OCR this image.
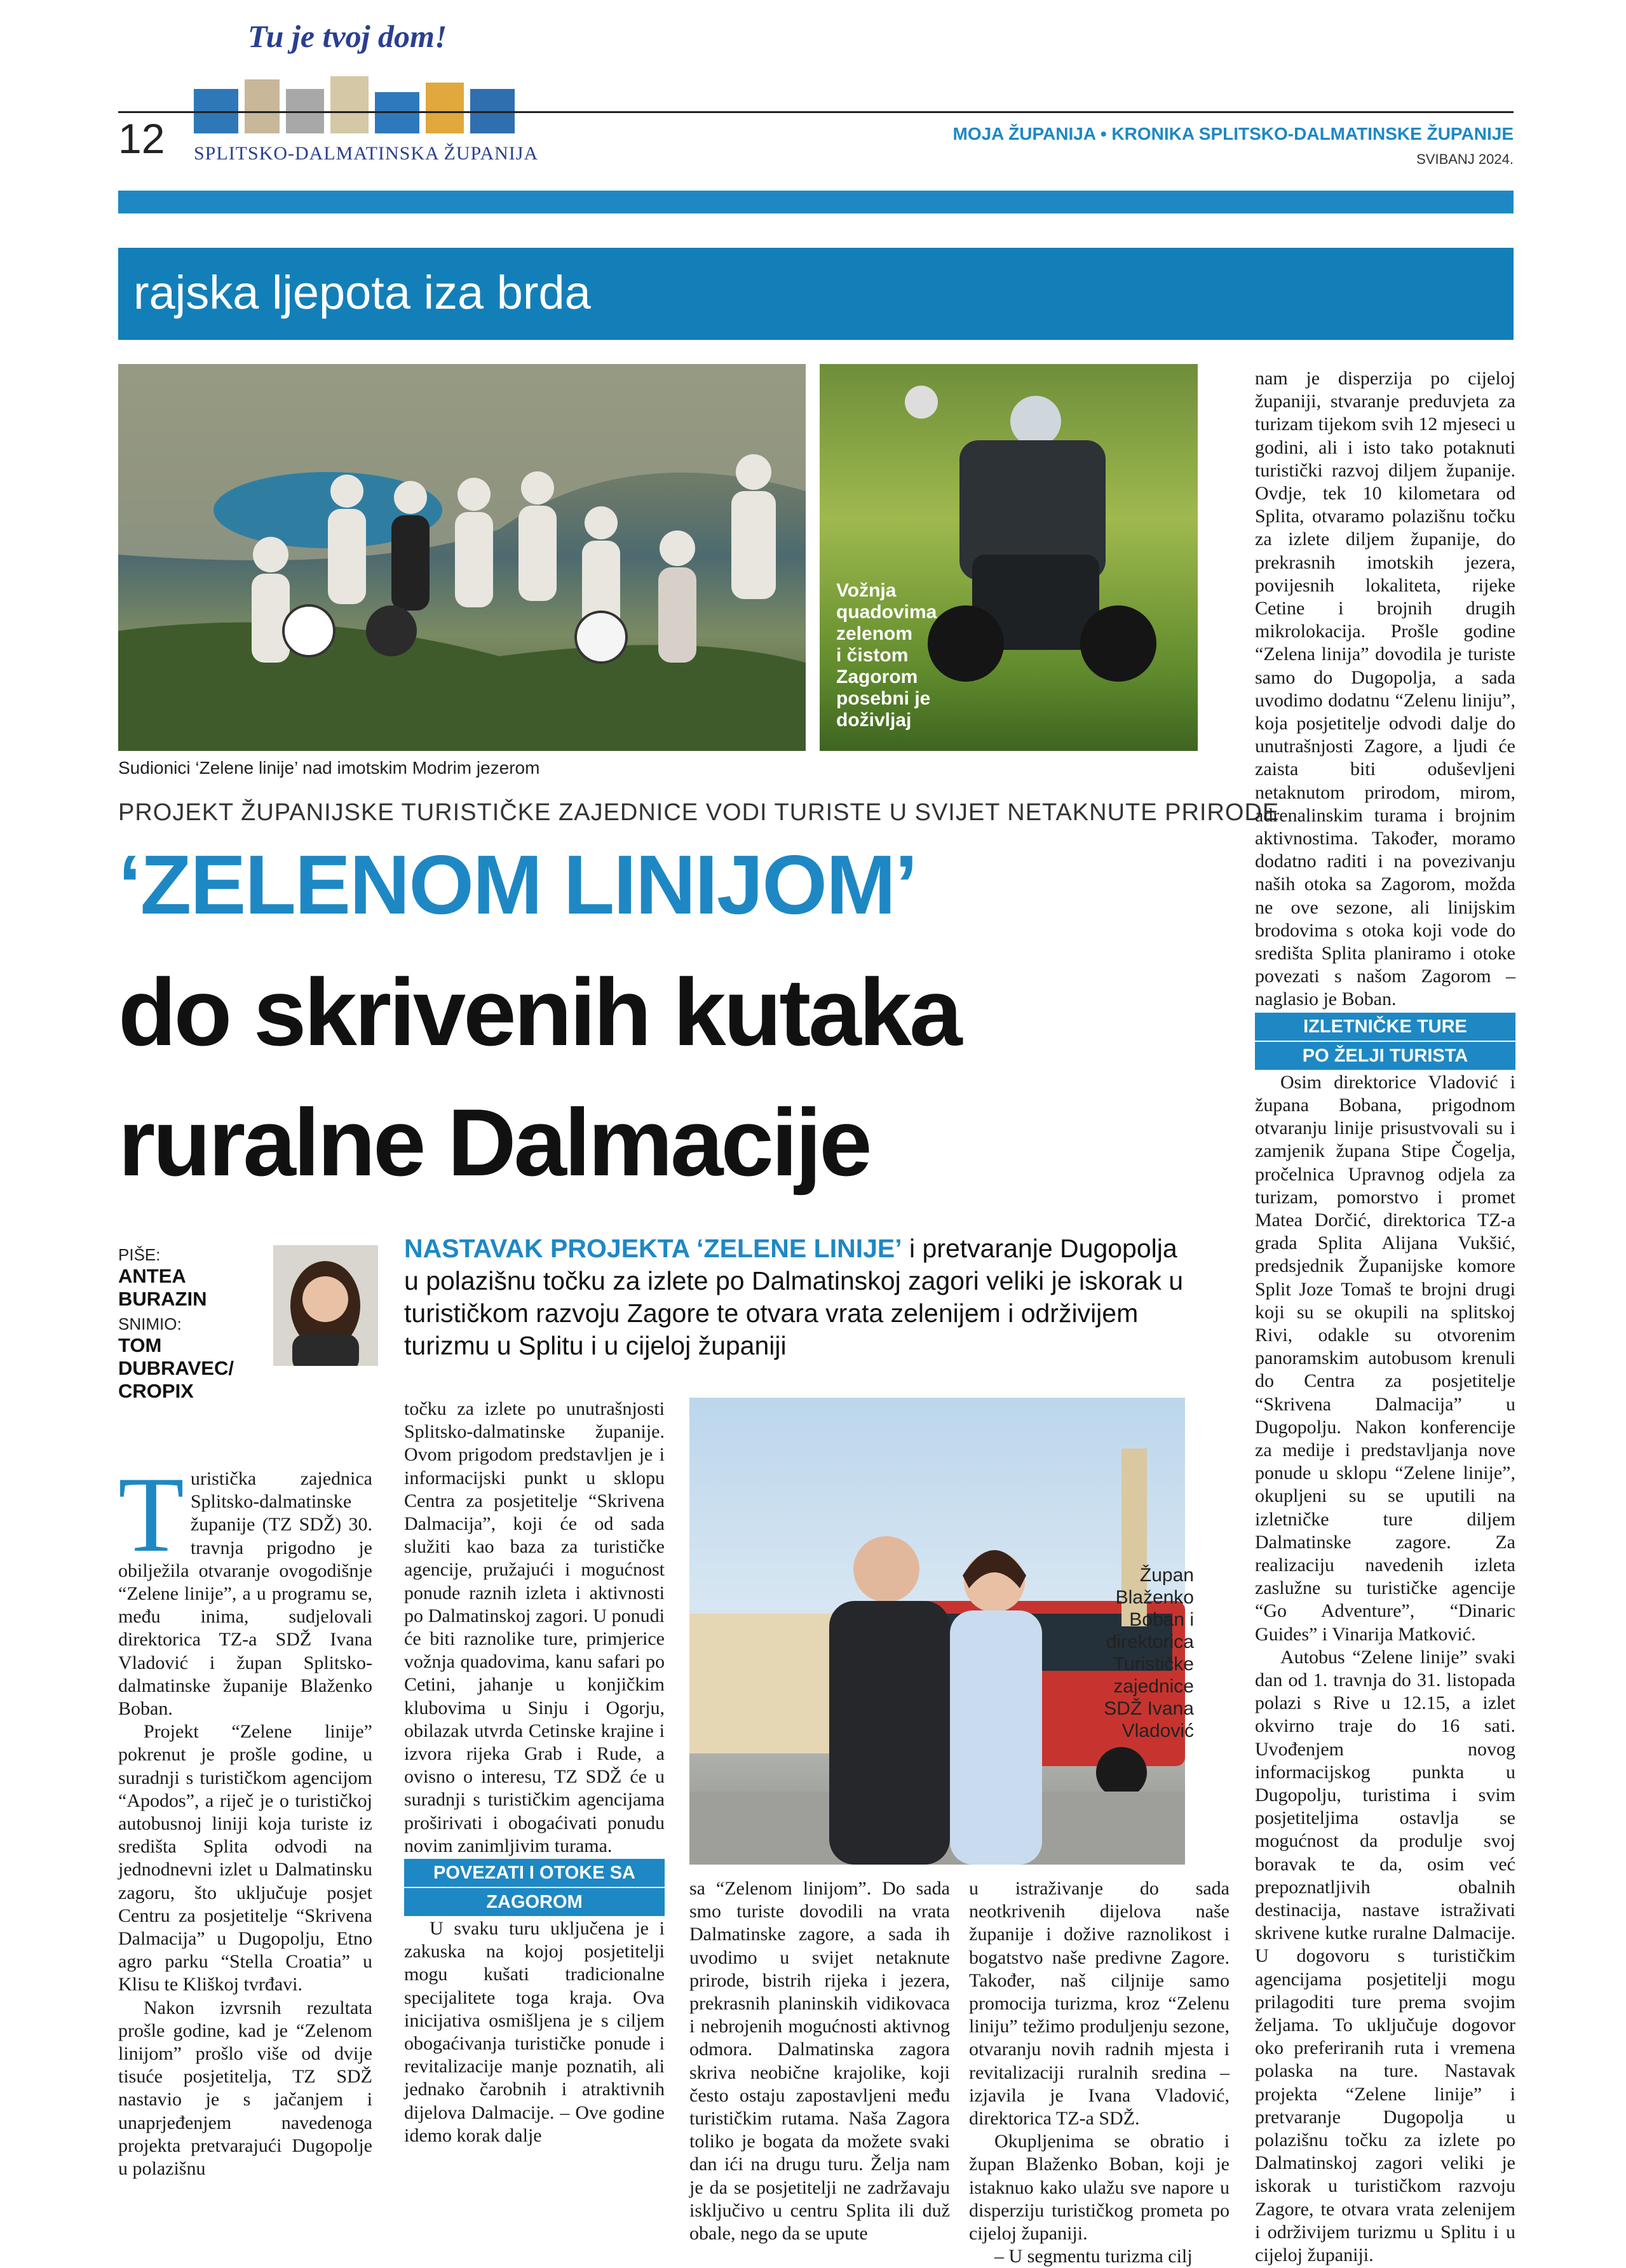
Tu je tvoj dom!
SPLITSKO-DALMATINSKA ŽUPANIJA
12	MOJA ŽUPANIJA • KRONIKA SPLITSKO-DALMATINSKE ŽUPANIJE
SVIBANJ 2024.
rajska ljepota iza brda
Sudionici ‘Zelene linije’ nad imotskim Modrim jezerom
Vožnja
quadovima
zelenom
i čistom
Zagorom
posebni je
doživljaj
PROJEKT ŽUPANIJSKE TURISTIČKE ZAJEDNICE VODI TURISTE U SVIJET NETAKNUTE PRIRODE
‘ZELENOM LINIJOM’
do skrivenih kutaka
ruralne Dalmacije
PIŠE:
ANTEA
BURAZIN
SNIMIO:
TOM
DUBRAVEC/
CROPIX
NASTAVAK PROJEKTA ‘ZELENE LINIJE’ i pretvaranje Dugopolja u polazišnu točku za izlete po Dalmatinskoj zagori veliki je iskorak u turističkom razvoju Zagore te otvara vrata zelenijem i održivijem turizmu u Splitu i u cijeloj županiji
T uristička zajednica Splitsko-dalmatinske županije (TZ SDŽ) 30. travnja prigodno je obilježila otvaranje ovogodišnje “Zelene linije”, a u programu se, među inima, sudjelovali direktorica TZ-a SDŽ Ivana Vladović i župan Splitsko-dalmatinske županije Blaženko Boban.

Projekt “Zelene linije” pokrenut je prošle godine, u suradnji s turističkom agencijom “Apodos”, a riječ je o turističkoj autobusnoj liniji koja turiste iz središta Splita odvodi na jednodnevni izlet u Dalmatinsku zagoru, što uključuje posjet Centru za posjetitelje “Skrivena Dalmacija” u Dugopolju, Etno agro parku “Stella Croatia” u Klisu te Kliškoj tvrđavi.

Nakon izvrsnih rezultata prošle godine, kad je “Zelenom linijom” prošlo više od dvije tisuće posjetitelja, TZ SDŽ nastavio je s jačanjem i unaprjeđenjem navedenoga projekta pretvarajući Dugopolje u polazišnu

točku za izlete po unutrašnjosti Splitsko-dalmatinske županije. Ovom prigodom predstavljen je i informacijski punkt u sklopu Centra za posjetitelje “Skrivena Dalmacija”, koji će od sada služiti kao baza za turističke agencije, pružajući i mogućnost ponude raznih izleta i aktivnosti po Dalmatinskoj zagori. U ponudi će biti raznolike ture, primjerice vožnja quadovima, kanu safari po Cetini, jahanje u konjičkim klubovima u Sinju i Ogorju, obilazak utvrda Cetinske krajine i izvora rijeka Grab i Rude, a ovisno o interesu, TZ SDŽ će u suradnji s turističkim agencijama proširivati i obogaćivati ponudu novim zanimljivim turama.

POVEZATI I OTOKE SA
ZAGOROM

U svaku turu uključena je i zakuska na kojoj posjetitelji mogu kušati tradicionalne specijalitete toga kraja. Ova inicijativa osmišljena je s ciljem obogaćivanja turističke ponude i revitalizacije manje poznatih, ali jednako čarobnih i atraktivnih dijelova Dalmacije. – Ove godine idemo korak dalje

Župan
Blaženko
Boban i
direktorica
Turističke
zajednice
SDŽ Ivana
Vladović

sa “Zelenom linijom”. Do sada smo turiste dovodili na vrata Dalmatinske zagore, a sada ih uvodimo u svijet netaknute prirode, bistrih rijeka i jezera, prekrasnih planinskih vidikovaca i nebrojenih mogućnosti aktivnog odmora. Dalmatinska zagora skriva neobične krajolike, koji često ostaju zapostavljeni među turističkim rutama. Naša Zagora toliko je bogata da možete svaki dan ići na drugu turu. Želja nam je da se posjetitelji ne zadržavaju isključivo u centru Splita ili duž obale, nego da se upute

u istraživanje do sada neotkrivenih dijelova naše županije i doživе raznolikost i bogatstvo naše predivne Zagore. Također, naš ciljnije samo promocija turizma, kroz “Zelenu liniju” težimo produljenju sezone, otvaranju novih radnih mjesta i revitalizaciji ruralnih sredina – izjavila je Ivana Vladović, direktorica TZ-a SDŽ.

Okupljenima se obratio i župan Blaženko Boban, koji je istaknuo kako ulažu sve napore u disperziju turističkog prometa po cijeloj županiji.

– U segmentu turizma cilj

nam je disperzija po cijeloj županiji, stvaranje preduvjeta za turizam tijekom svih 12 mjeseci u godini, ali i isto tako potaknuti turistički razvoj diljem županije. Ovdje, tek 10 kilometara od Splita, otvaramo polazišnu točku za izlete diljem županije, do prekrasnih imotskih jezera, povijesnih lokaliteta, rijeke Cetine i brojnih drugih mikrolokacija. Prošle godine “Zelena linija” dovodila je turiste samo do Dugopolja, a sada uvodimo dodatnu “Zelenu liniju”, koja posjetitelje odvodi dalje do unutrašnjosti Zagore, a ljudi će zaista biti oduševljeni netaknutom prirodom, mirom, adrenalinskim turama i brojnim aktivnostima. Također, moramo dodatno raditi i na povezivanju naših otoka sa Zagorom, možda ne ove sezone, ali linijskim brodovima s otoka koji vode do središta Splita planiramo i otoke povezati s našom Zagorom – naglasio je Boban.

IZLETNIČKE TURE
PO ŽELJI TURISTA

Osim direktorice Vladović i župana Bobana, prigodnom otvaranju linije prisustvovali su i zamjenik župana Stipe Čogelja, pročelnica Upravnog odjela za turizam, pomorstvo i promet Matea Dorčić, direktorica TZ-a grada Splita Alijana Vukšić, predsjednik Županijske komore Split Joze Tomaš te brojni drugi koji su se okupili na splitskoj Rivi, odakle su otvorenim panoramskim autobusom krenuli do Centra za posjetitelje “Skrivena Dalmacija” u Dugopolju. Nakon konferencije za medije i predstavljanja nove ponude u sklopu “Zelene linije”, okupljeni su se uputili na izletničke ture diljem Dalmatinske zagore. Za realizaciju navedenih izleta zaslužne su turističke agencije “Go Adventure”, “Dinaric Guides” i Vinarija Matković.

Autobus “Zelene linije” svaki dan od 1. travnja do 31. listopada polazi s Rive u 12.15, a izlet okvirno traje do 16 sati. Uvođenjem novog informacijskog punkta u Dugopolju, turistima i svim posjetiteljima ostavlja se mogućnost da produlje svoj boravak te da, osim već prepoznatljivih obalnih destinacija, nastave istraživati skrivene kutke ruralne Dalmacije. U dogovoru s turističkim agencijama posjetitelji mogu prilagoditi ture prema svojim željama. To uključuje dogovor oko preferiranih ruta i vremena polaska na ture. Nastavak projekta “Zelene linije” i pretvaranje Dugopolja u polazišnu točku za izlete po Dalmatinskoj zagori veliki je iskorak u turističkom razvoju Zagore, te otvara vrata zelenijem i održivijem turizmu u Splitu i u cijeloj županiji.
